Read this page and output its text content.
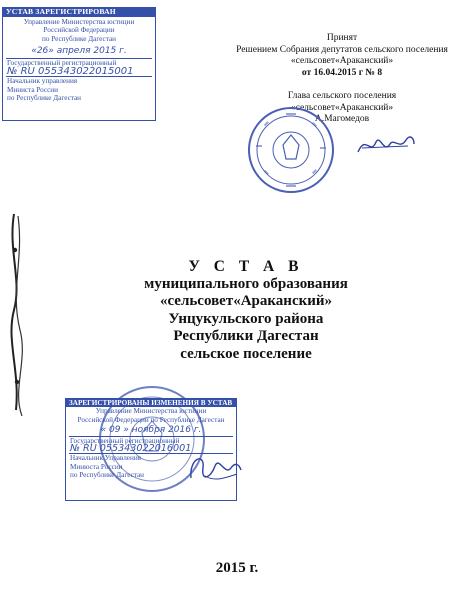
УСТАВ ЗАРЕГИСТРИРОВАН
Управление Министерства юстиции
Российской Федерации
по Республике Дагестан
«26» апреля 2015 г.
Государственный регистрационный
№ RU 055343022015001
Начальник управления
Министа России
по Республике Дагестан
Принят
Решением Собрания депутатов сельского поселения «сельсовет«Араканский»
от 16.04.2015 г № 8
Глава сельского поселения
«сельсовет«Араканский»
А.Магомедов
У С Т А В
муниципального образования
«сельсовет«Араканский»
Унцукульского района
Республики Дагестан
сельское поселение
ЗАРЕГИСТРИРОВАНЫ ИЗМЕНЕНИЯ В УСТАВ
Управление Министерства юстиции
Российской Федерации по Республике Дагестан
« 09 » ноября 2016 г.
Государственный регистрационный
№ RU 055343022016001
Начальник Управления
Минюста России
по Республике Дагестан
2015 г.
